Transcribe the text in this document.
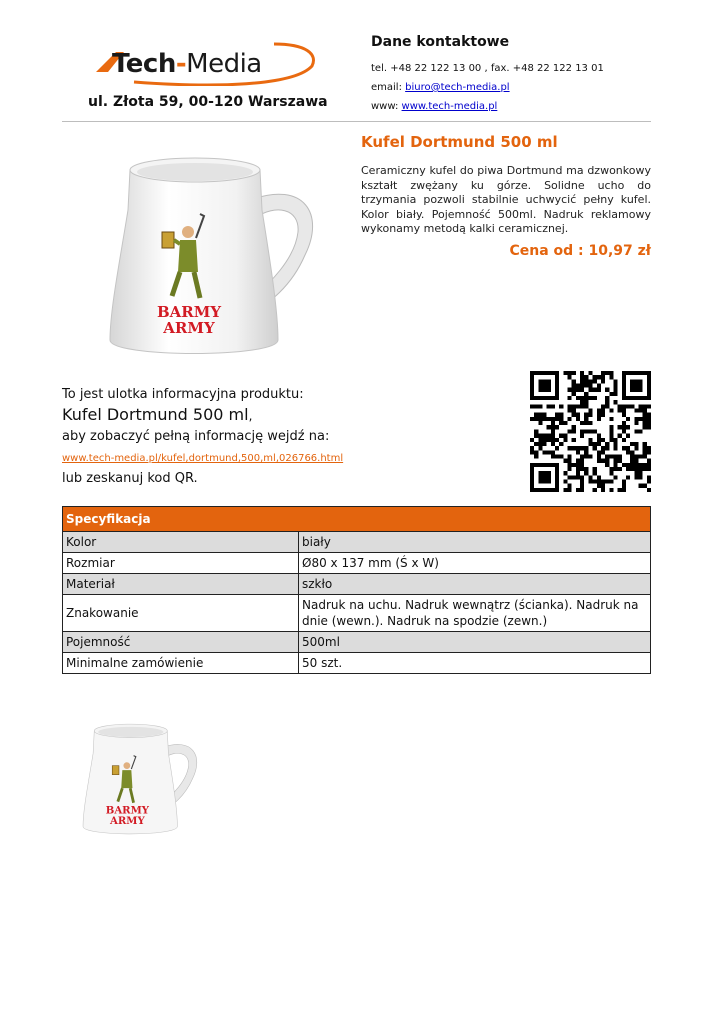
Tech-Media
ul. Złota 59, 00-120 Warszawa
Dane kontaktowe
tel. +48 22 122 13 00 , fax. +48 22 122 13 01
email: biuro@tech-media.pl
www: www.tech-media.pl
BARMY
ARMY
Kufel Dortmund 500 ml
Ceramiczny kufel do piwa Dortmund ma dzwonkowy kształt zwężany ku górze. Solidne ucho do trzymania pozwoli stabilnie uchwycić pełny kufel. Kolor biały. Pojemność 500ml. Nadruk reklamowy wykonamy metodą kalki ceramicznej.
Cena od : 10,97 zł
To jest ulotka informacyjna produktu:
Kufel Dortmund 500 ml,
aby zobaczyć pełną informację wejdź na:
www.tech-media.pl/kufel,dortmund,500,ml,026766.html
lub zeskanuj kod QR.
Specyfikacja	
Kolor	biały
Rozmiar	Ø80 x 137 mm (Ś x W)
Materiał	szkło
Znakowanie	Nadruk na uchu. Nadruk wewnątrz (ścianka). Nadruk na dnie (wewn.). Nadruk na spodzie (zewn.)
Pojemność	500ml
Minimalne zamówienie	50 szt.
BARMY
ARMY
